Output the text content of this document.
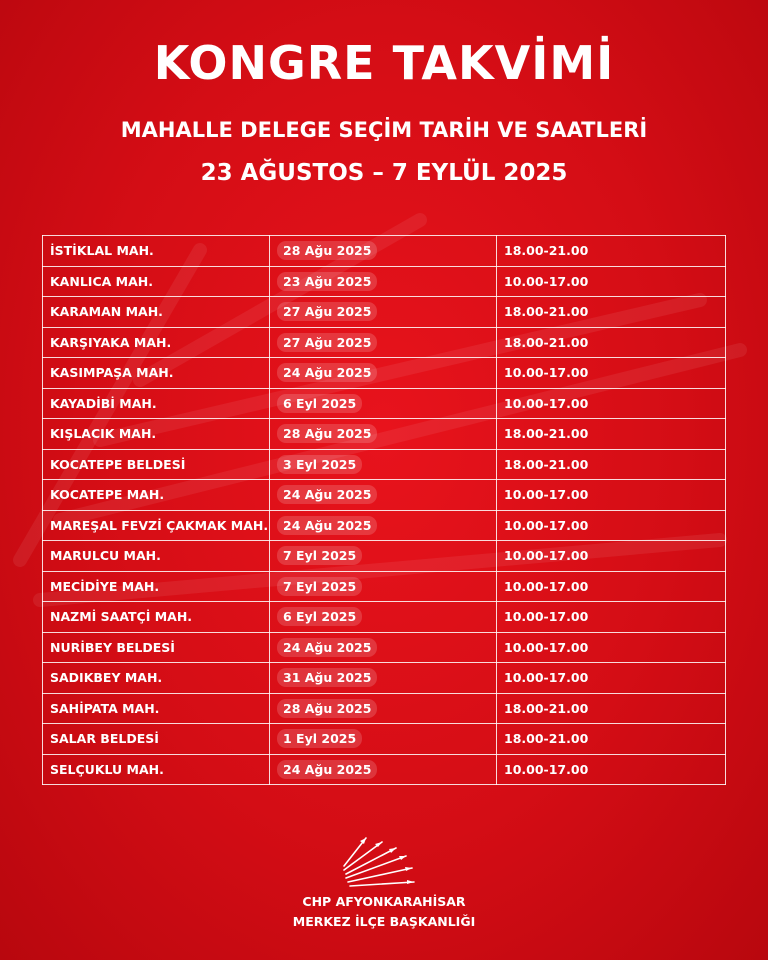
KONGRE TAKVİMİ
MAHALLE DELEGE SEÇİM TARİH VE SAATLERİ
23 AĞUSTOS – 7 EYLÜL 2025
İSTİKLAL MAH.	28 Ağu 2025	18.00-21.00
KANLICA MAH.	23 Ağu 2025	10.00-17.00
KARAMAN MAH.	27 Ağu 2025	18.00-21.00
KARŞIYAKA MAH.	27 Ağu 2025	18.00-21.00
KASIMPAŞA MAH.	24 Ağu 2025	10.00-17.00
KAYADİBİ MAH.	6 Eyl 2025	10.00-17.00
KIŞLACIK MAH.	28 Ağu 2025	18.00-21.00
KOCATEPE BELDESİ	3 Eyl 2025	18.00-21.00
KOCATEPE MAH.	24 Ağu 2025	10.00-17.00
MAREŞAL FEVZİ ÇAKMAK MAH.	24 Ağu 2025	10.00-17.00
MARULCU MAH.	7 Eyl 2025	10.00-17.00
MECİDİYE MAH.	7 Eyl 2025	10.00-17.00
NAZMİ SAATÇİ MAH.	6 Eyl 2025	10.00-17.00
NURİBEY BELDESİ	24 Ağu 2025	10.00-17.00
SADIKBEY MAH.	31 Ağu 2025	10.00-17.00
SAHİPATA MAH.	28 Ağu 2025	18.00-21.00
SALAR BELDESİ	1 Eyl 2025	18.00-21.00
SELÇUKLU MAH.	24 Ağu 2025	10.00-17.00
CHP AFYONKARAHİSAR
MERKEZ İLÇE BAŞKANLIĞI
